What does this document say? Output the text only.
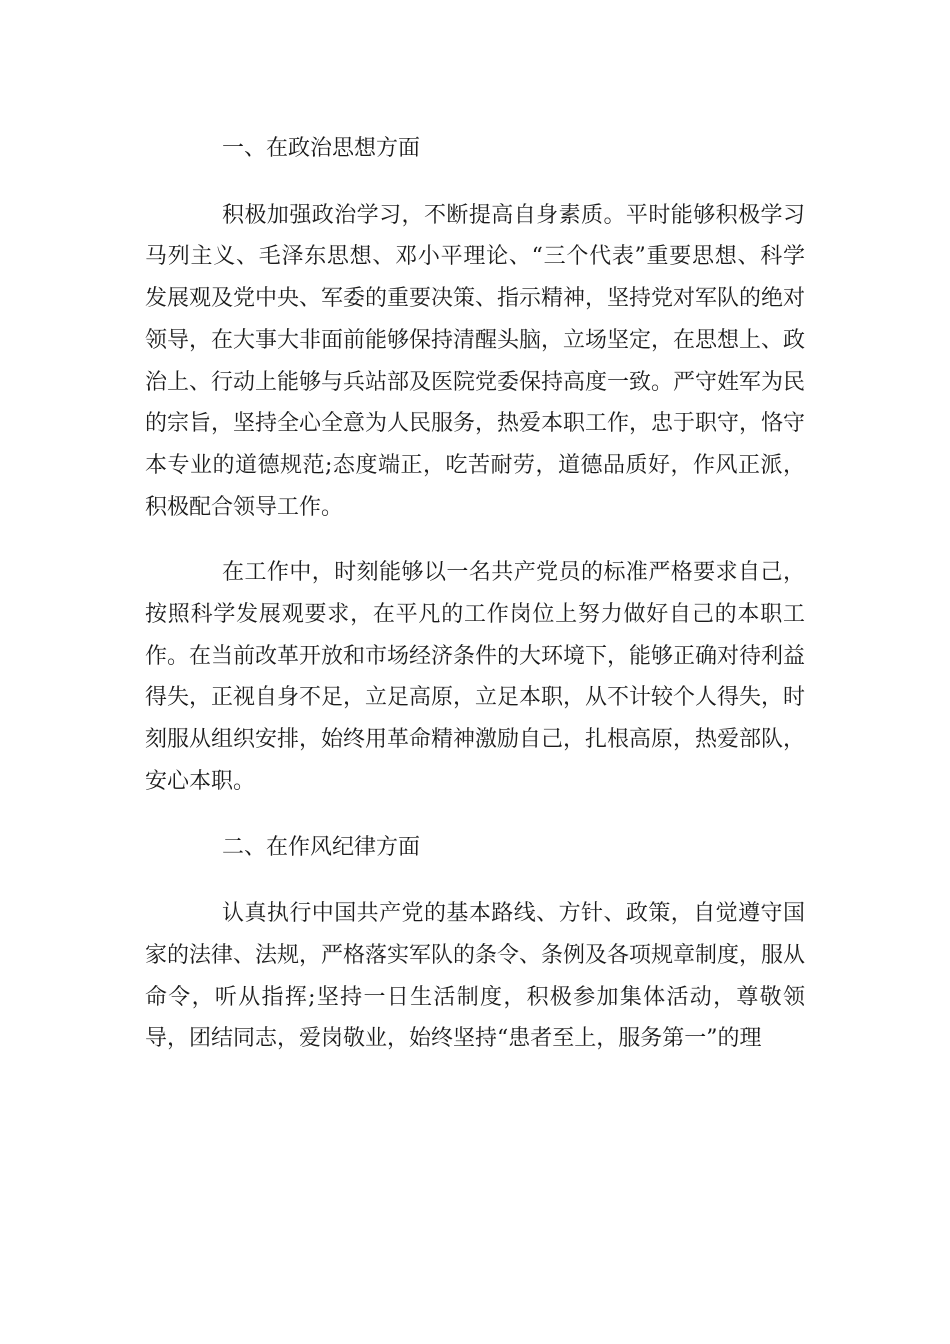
一、在政治思想方面

积极加强政治学习，不断提高自身素质。平时能够积极学习马列主义、毛泽东思想、邓小平理论、“三个代表”重要思想、科学发展观及党中央、军委的重要决策、指示精神，坚持党对军队的绝对领导，在大事大非面前能够保持清醒头脑，立场坚定，在思想上、政治上、行动上能够与兵站部及医院党委保持高度一致。严守姓军为民的宗旨，坚持全心全意为人民服务，热爱本职工作，忠于职守，恪守本专业的道德规范;态度端正，吃苦耐劳，道德品质好，作风正派，积极配合领导工作。

在工作中，时刻能够以一名共产党员的标准严格要求自己，按照科学发展观要求，在平凡的工作岗位上努力做好自己的本职工作。在当前改革开放和市场经济条件的大环境下，能够正确对待利益得失，正视自身不足，立足高原，立足本职，从不计较个人得失，时刻服从组织安排，始终用革命精神激励自己，扎根高原，热爱部队，安心本职。

二、在作风纪律方面

认真执行中国共产党的基本路线、方针、政策，自觉遵守国家的法律、法规，严格落实军队的条令、条例及各项规章制度，服从命令，听从指挥;坚持一日生活制度，积极参加集体活动，尊敬领导，团结同志，爱岗敬业，始终坚持“患者至上，服务第一”的理
